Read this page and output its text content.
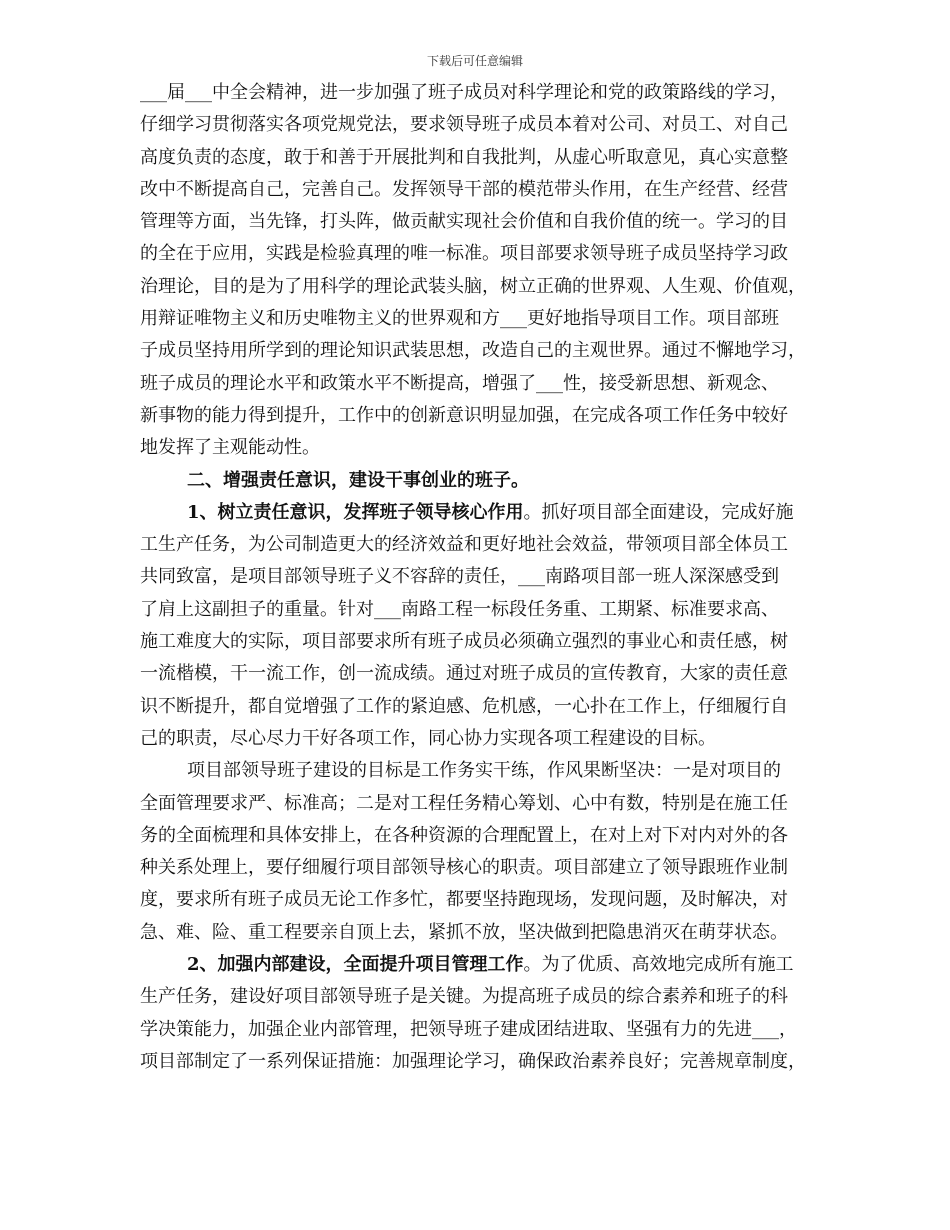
下载后可任意编辑
___届___中全会精神，进一步加强了班子成员对科学理论和党的政策路线的学习，
仔细学习贯彻落实各项党规党法，要求领导班子成员本着对公司、对员工、对自己
高度负责的态度，敢于和善于开展批判和自我批判，从虚心听取意见，真心实意整
改中不断提高自己，完善自己。发挥领导干部的模范带头作用，在生产经营、经营
管理等方面，当先锋，打头阵，做贡献实现社会价值和自我价值的统一。学习的目
的全在于应用，实践是检验真理的唯一标准。项目部要求领导班子成员坚持学习政
治理论，目的是为了用科学的理论武装头脑，树立正确的世界观、人生观、价值观，
用辩证唯物主义和历史唯物主义的世界观和方___更好地指导项目工作。项目部班
子成员坚持用所学到的理论知识武装思想，改造自己的主观世界。通过不懈地学习，
班子成员的理论水平和政策水平不断提高，增强了___性，接受新思想、新观念、
新事物的能力得到提升，工作中的创新意识明显加强，在完成各项工作任务中较好
地发挥了主观能动性。
二、增强责任意识，建设干事创业的班子。
1、树立责任意识，发挥班子领导核心作用。抓好项目部全面建设，完成好施
工生产任务，为公司制造更大的经济效益和更好地社会效益，带领项目部全体员工
共同致富，是项目部领导班子义不容辞的责任，___南路项目部一班人深深感受到
了肩上这副担子的重量。针对___南路工程一标段任务重、工期紧、标准要求高、
施工难度大的实际，项目部要求所有班子成员必须确立强烈的事业心和责任感，树
一流楷模，干一流工作，创一流成绩。通过对班子成员的宣传教育，大家的责任意
识不断提升，都自觉增强了工作的紧迫感、危机感，一心扑在工作上，仔细履行自
己的职责，尽心尽力干好各项工作，同心协力实现各项工程建设的目标。
项目部领导班子建设的目标是工作务实干练，作风果断坚决：一是对项目的
全面管理要求严、标准高；二是对工程任务精心筹划、心中有数，特别是在施工任
务的全面梳理和具体安排上，在各种资源的合理配置上，在对上对下对内对外的各
种关系处理上，要仔细履行项目部领导核心的职责。项目部建立了领导跟班作业制
度，要求所有班子成员无论工作多忙，都要坚持跑现场，发现问题，及时解决，对
急、难、险、重工程要亲自顶上去，紧抓不放，坚决做到把隐患消灭在萌芽状态。
2、加强内部建设，全面提升项目管理工作。为了优质、高效地完成所有施工
生产任务，建设好项目部领导班子是关键。为提高班子成员的综合素养和班子的科
学决策能力，加强企业内部管理，把领导班子建成团结进取、坚强有力的先进___，
项目部制定了一系列保证措施：加强理论学习，确保政治素养良好；完善规章制度，
